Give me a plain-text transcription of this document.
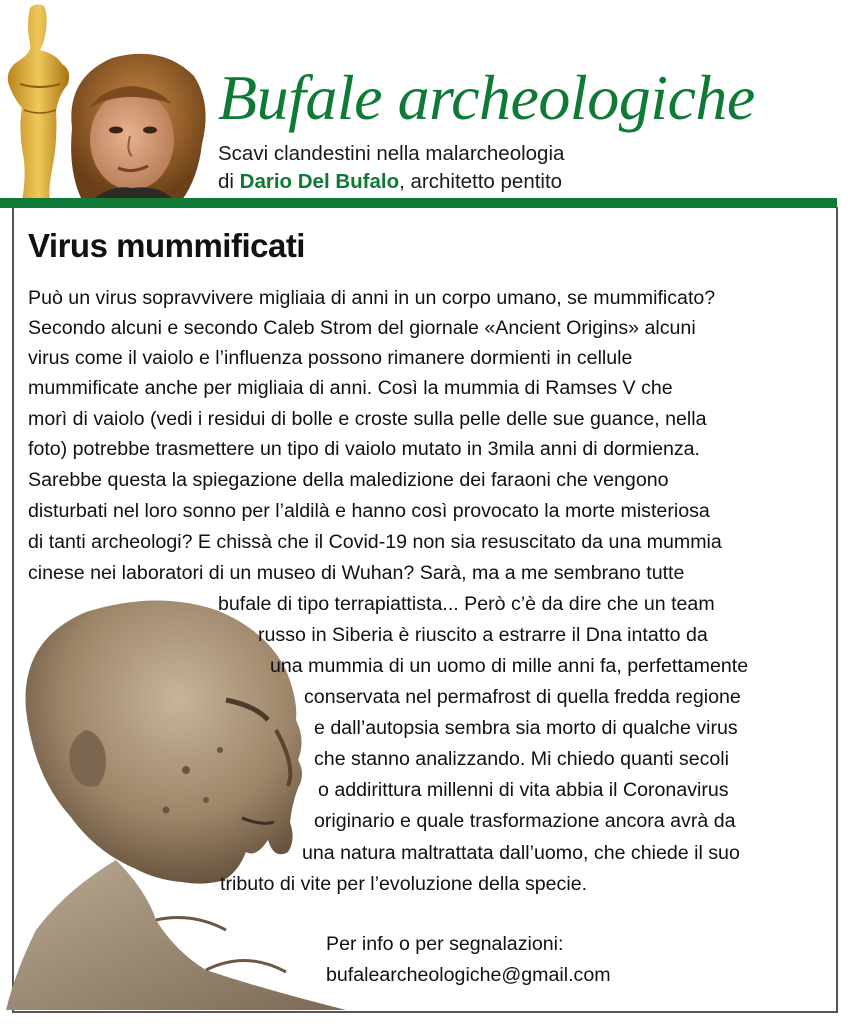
Bufale archeologiche
Scavi clandestini nella malarcheologia
di Dario Del Bufalo, architetto pentito
Virus mummificati
Può un virus sopravvivere migliaia di anni in un corpo umano, se mummificato?
Secondo alcuni e secondo Caleb Strom del giornale «Ancient Origins» alcuni
virus come il vaiolo e l’influenza possono rimanere dormienti in cellule
mummificate anche per migliaia di anni. Così la mummia di Ramses V che
morì di vaiolo (vedi i residui di bolle e croste sulla pelle delle sue guance, nella
foto) potrebbe trasmettere un tipo di vaiolo mutato in 3mila anni di dormienza.
Sarebbe questa la spiegazione della maledizione dei faraoni che vengono
disturbati nel loro sonno per l’aldilà e hanno così provocato la morte misteriosa
di tanti archeologi? E chissà che il Covid-19 non sia resuscitato da una mummia
cinese nei laboratori di un museo di Wuhan? Sarà, ma a me sembrano tutte
bufale di tipo terrapiattista... Però c’è da dire che un team
russo in Siberia è riuscito a estrarre il Dna intatto da
una mummia di un uomo di mille anni fa, perfettamente
conservata nel permafrost di quella fredda regione
e dall’autopsia sembra sia morto di qualche virus
che stanno analizzando. Mi chiedo quanti secoli
o addirittura millenni di vita abbia il Coronavirus
originario e quale trasformazione ancora avrà da
una natura maltrattata dall’uomo, che chiede il suo
tributo di vite per l’evoluzione della specie.
Per info o per segnalazioni:
bufalearcheologiche@gmail.com
